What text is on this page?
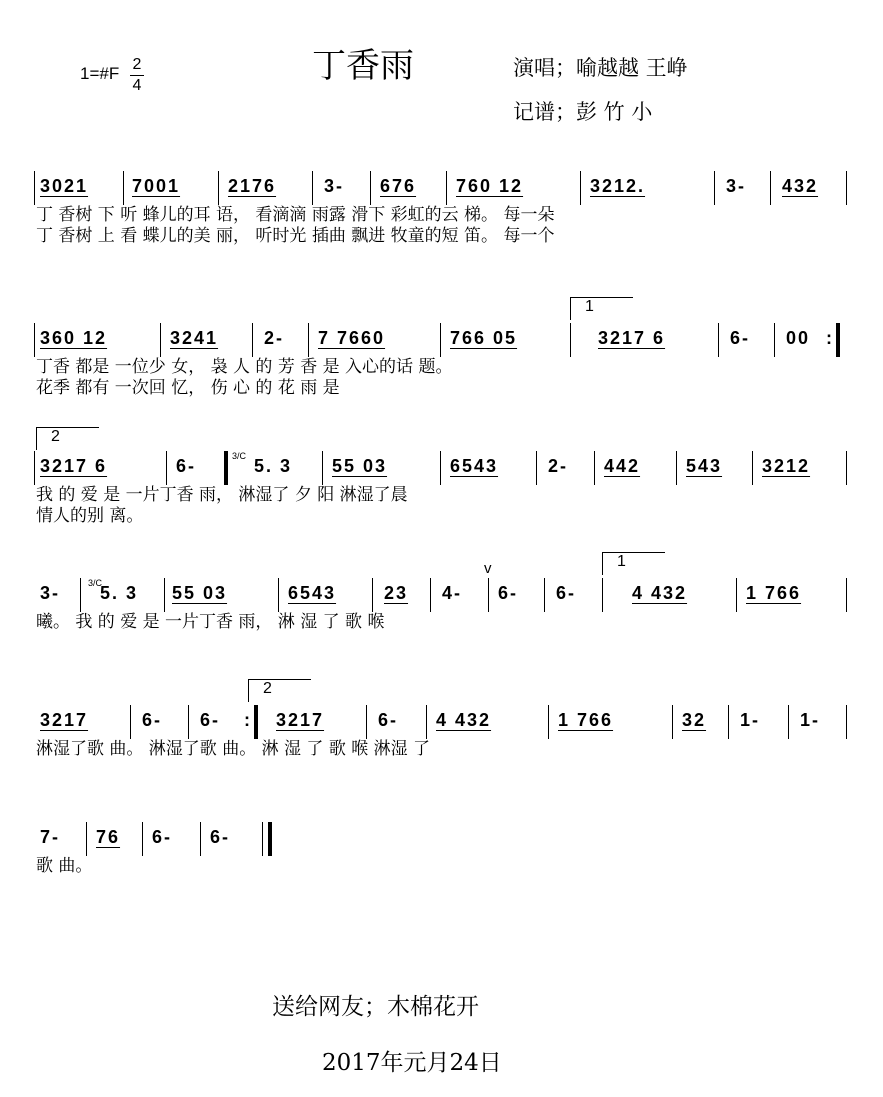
丁香雨
1=#F 2
4
演唱；喻越越 王峥
记谱；彭 竹 小
3021 7001	2176	3- 676 760 12	3212.	3- 432
丁 香树 下 听 蜂儿的耳 语， 看滴滴 雨露 滑下 彩虹的云 梯。 每一朵
丁 香树 上 看 蝶儿的美 丽， 听时光 插曲 飘进 牧童的短 笛。 每一个
1
360 12	3241	2- 7 7660	766 05	3217 6	6- 00 :
丁香 都是 一位少 女， 袅 人 的 芳 香 是 入心的话 题。
花季 都有 一次回 忆， 伤 心 的 花 雨 是
2
3217 6	6-	3/C 5. 3 55 03	6543	2- 442	543 3212
我 的 爱 是 一片丁香 雨， 淋湿了 夕 阳 淋湿了晨
情人的别 离。
1
3-	3/C
5. 3 55 03	6543	23 4-
v
6- 6-	4 432	1 766
曦。 我 的 爱 是 一片丁香 雨， 淋 湿 了 歌 喉
2
3217	6- 6- : 3217	6- 4 432	1 766	32 1- 1-
淋湿了歌 曲。 淋湿了歌 曲。 淋 湿 了 歌 喉 淋湿 了
7- 76 6- 6-
歌 曲。
送给网友；木棉花开
2017年元月24日
